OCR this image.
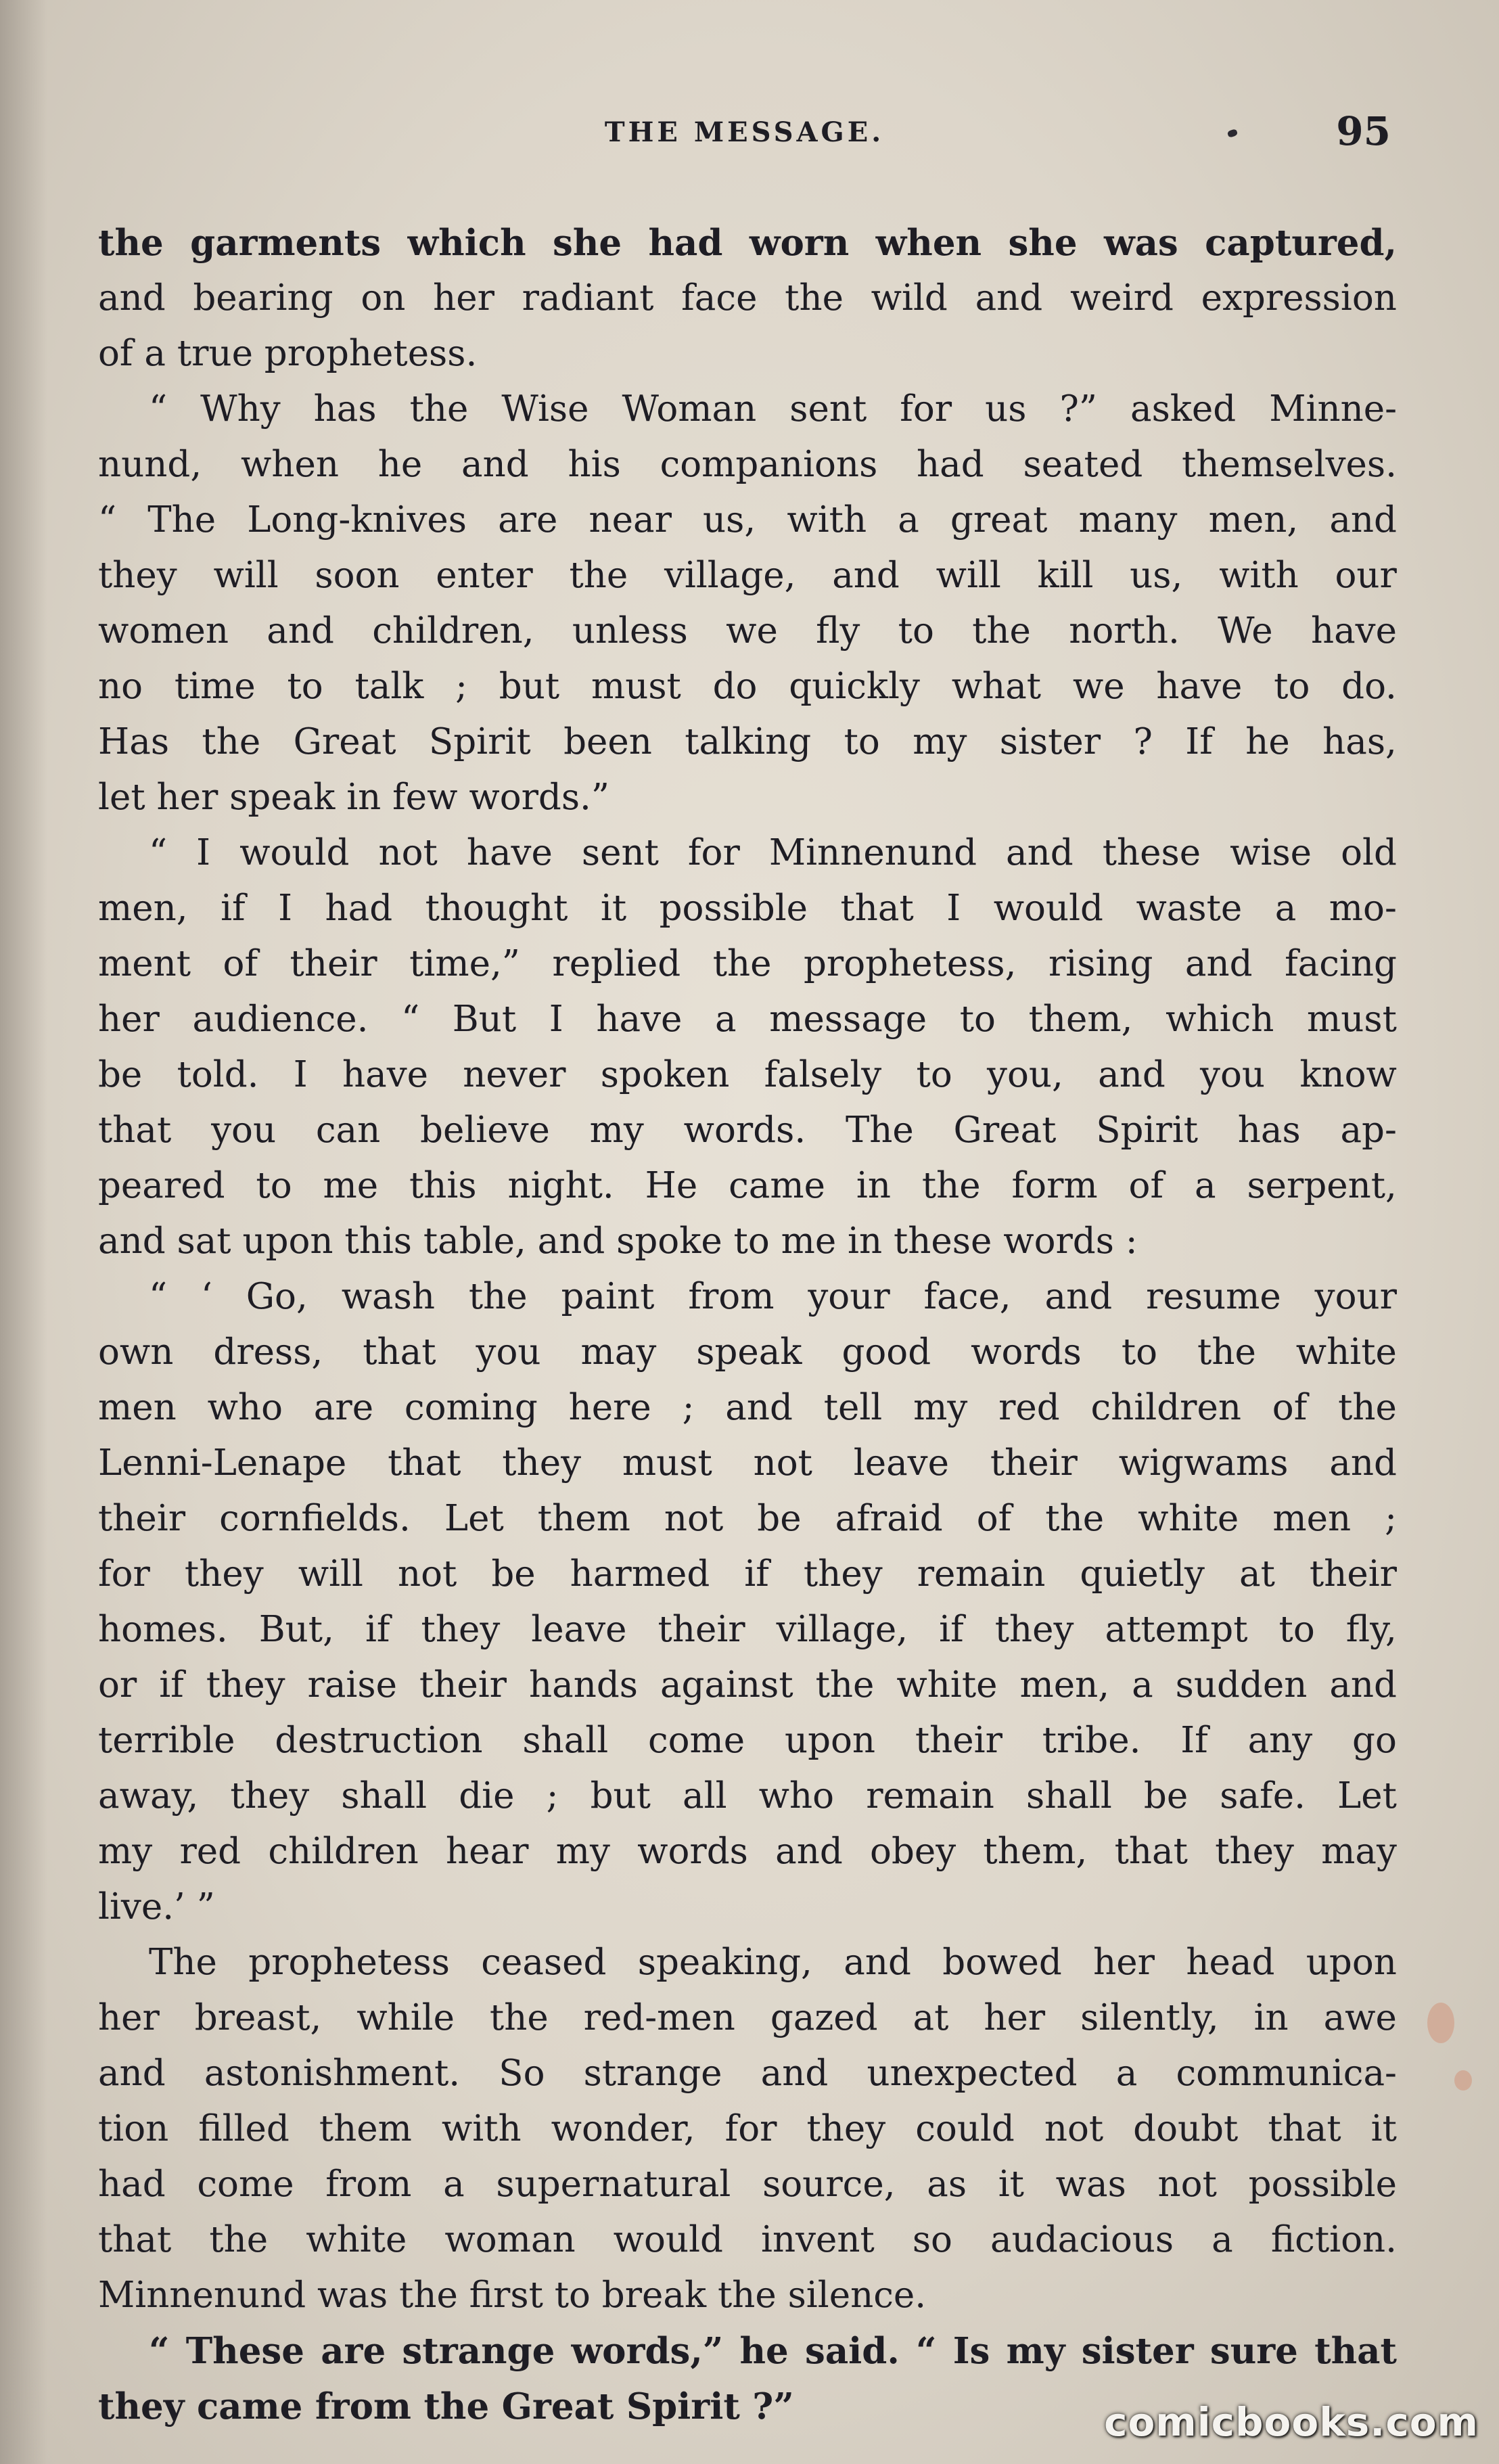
THE MESSAGE.	95
the garments which she had worn when she was captured,
and bearing on her radiant face the wild and weird expression
of a true prophetess.
“ Why has the Wise Woman sent for us ?” asked Minne-
nund, when he and his companions had seated themselves.
“ The Long-knives are near us, with a great many men, and
they will soon enter the village, and will kill us, with our
women and children, unless we fly to the north. We have
no time to talk ; but must do quickly what we have to do.
Has the Great Spirit been talking to my sister ? If he has,
let her speak in few words.”
“ I would not have sent for Minnenund and these wise old
men, if I had thought it possible that I would waste a mo-
ment of their time,” replied the prophetess, rising and facing
her audience. “ But I have a message to them, which must
be told. I have never spoken falsely to you, and you know
that you can believe my words. The Great Spirit has ap-
peared to me this night. He came in the form of a serpent,
and sat upon this table, and spoke to me in these words :
“ ‘ Go, wash the paint from your face, and resume your
own dress, that you may speak good words to the white
men who are coming here ; and tell my red children of the
Lenni-Lenape that they must not leave their wigwams and
their cornfields. Let them not be afraid of the white men ;
for they will not be harmed if they remain quietly at their
homes. But, if they leave their village, if they attempt to fly,
or if they raise their hands against the white men, a sudden and
terrible destruction shall come upon their tribe. If any go
away, they shall die ; but all who remain shall be safe. Let
my red children hear my words and obey them, that they may
live.’ ”
The prophetess ceased speaking, and bowed her head upon
her breast, while the red-men gazed at her silently, in awe
and astonishment. So strange and unexpected a communica-
tion filled them with wonder, for they could not doubt that it
had come from a supernatural source, as it was not possible
that the white woman would invent so audacious a fiction.
Minnenund was the first to break the silence.
“ These are strange words,” he said. “ Is my sister sure that
they came from the Great Spirit ?”	comicbooks.com
